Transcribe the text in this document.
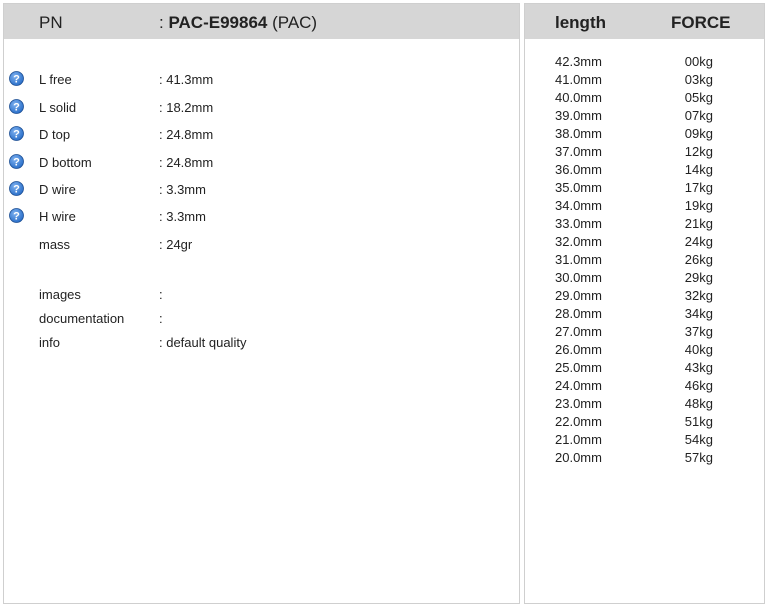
PN	: PAC-E99864 (PAC)
? L free	: 41.3mm
? L solid	: 18.2mm
? D top	: 24.8mm
? D bottom	: 24.8mm
? D wire	: 3.3mm
? H wire	: 3.3mm
mass	: 24gr
images	:
documentation	:
info	: default quality
length	FORCE
42.3mm	00kg
41.0mm	03kg
40.0mm	05kg
39.0mm	07kg
38.0mm	09kg
37.0mm	12kg
36.0mm	14kg
35.0mm	17kg
34.0mm	19kg
33.0mm	21kg
32.0mm	24kg
31.0mm	26kg
30.0mm	29kg
29.0mm	32kg
28.0mm	34kg
27.0mm	37kg
26.0mm	40kg
25.0mm	43kg
24.0mm	46kg
23.0mm	48kg
22.0mm	51kg
21.0mm	54kg
20.0mm	57kg
